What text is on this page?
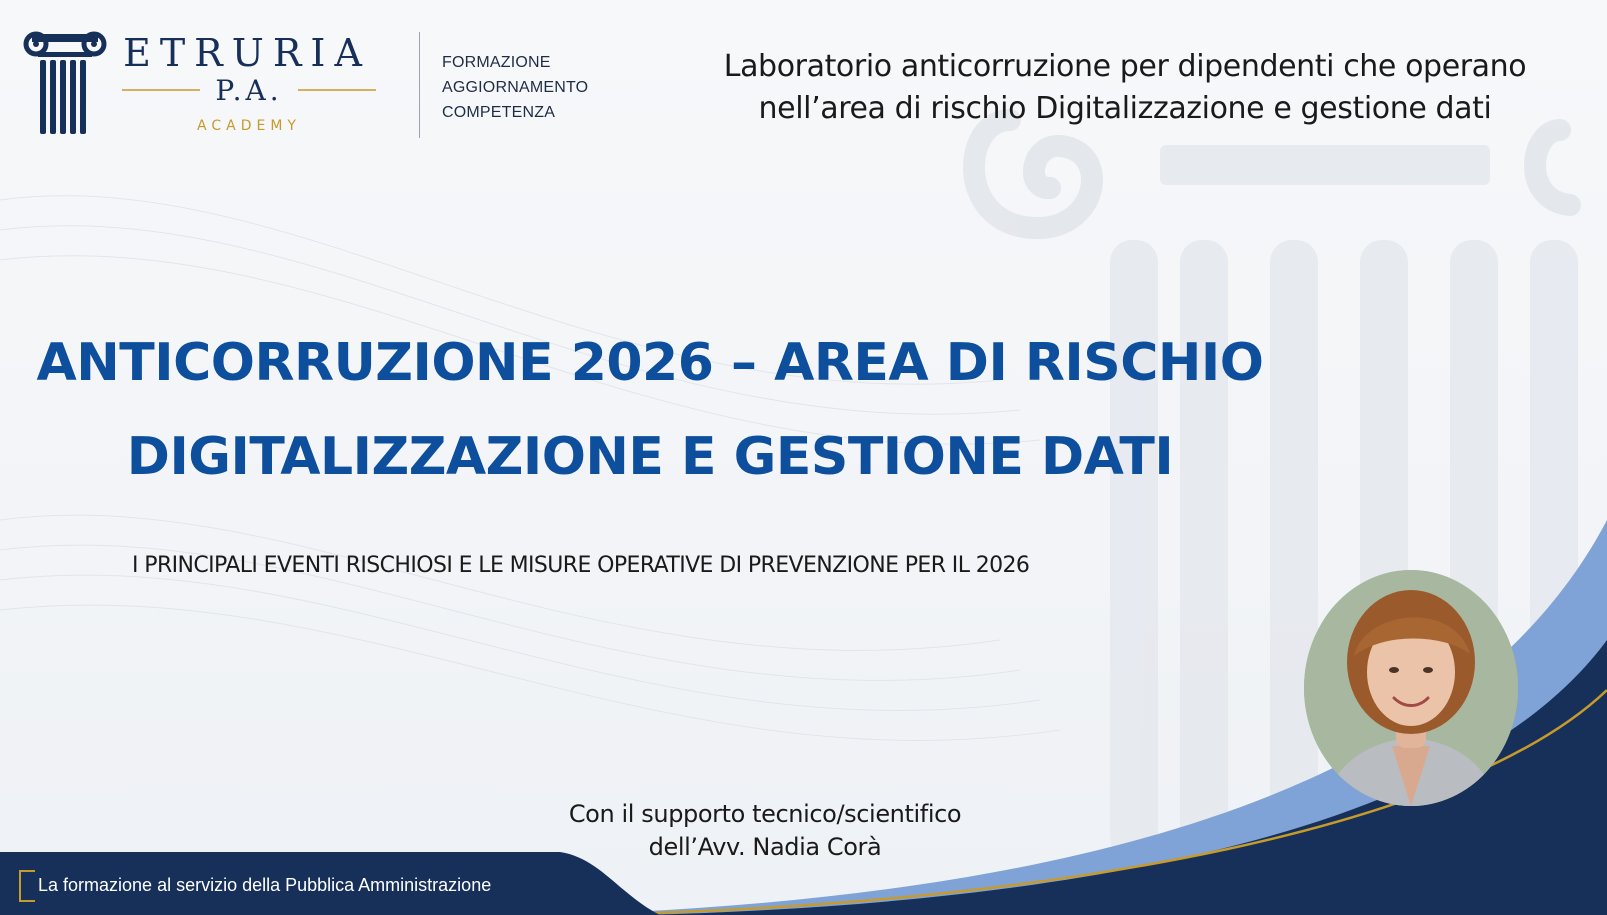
ETRURIA
P.A.
ACADEMY
FORMAZIONE
AGGIORNAMENTO
COMPETENZA
Laboratorio anticorruzione per dipendenti che operano
nell’area di rischio Digitalizzazione e gestione dati
ANTICORRUZIONE 2026 – AREA DI RISCHIO
DIGITALIZZAZIONE E GESTIONE DATI
I PRINCIPALI EVENTI RISCHIOSI E LE MISURE OPERATIVE DI PREVENZIONE PER IL 2026
Con il supporto tecnico/scientifico
dell’Avv. Nadia Corà
La formazione al servizio della Pubblica Amministrazione
